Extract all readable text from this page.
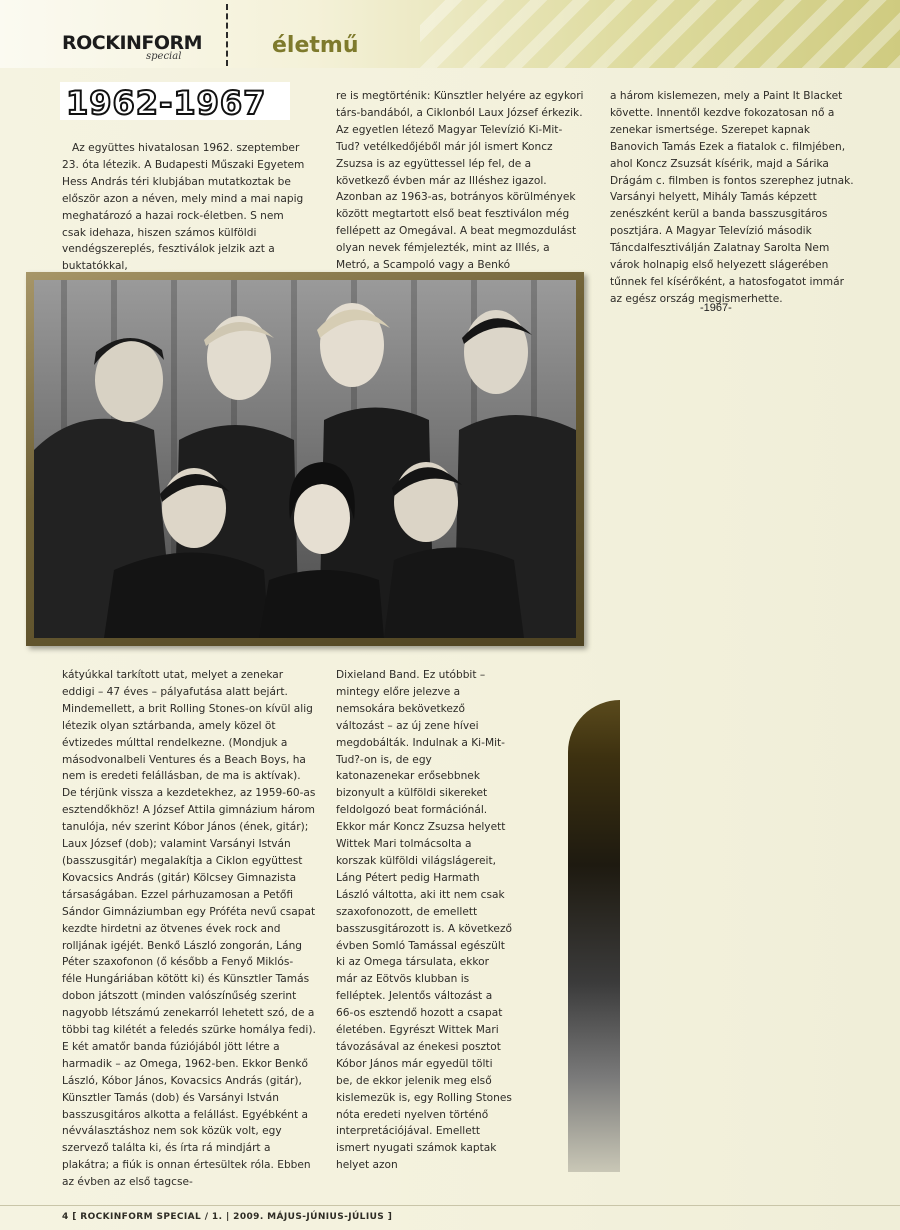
ROCKINFORM
special	életmű
1962-1967

Az együttes hivatalosan 1962. szeptember 23. óta létezik. A Budapesti Műszaki Egyetem Hess András téri klubjában mutatkoztak be először azon a néven, mely mind a mai napig meghatározó a hazai rock-életben. S nem csak idehaza, hiszen számos külföldi vendégszereplés, fesztiválok jelzik azt a buktatókkal,

re is megtörténik: Künsztler helyére az egykori társ-bandából, a Ciklonból Laux József érkezik. Az egyetlen létező Magyar Televízió Ki-Mit-Tud? vetélkedőjéből már jól ismert Koncz Zsuzsa is az együttessel lép fel, de a következő évben már az Illéshez igazol. Azonban az 1963-as, botrányos körülmények között megtartott első beat fesztiválon még fellépett az Omegával. A beat megmozdulást olyan nevek fémjelezték, mint az Illés, a Metró, a Scampoló vagy a Benkó

a három kislemezen, mely a Paint It Blacket követte. Innentől kezdve fokozatosan nő a zenekar ismertsége. Szerepet kapnak Banovich Tamás Ezek a fiatalok c. filmjében, ahol Koncz Zsuzsát kísérik, majd a Sárika Drágám c. filmben is fontos szerephez jutnak. Varsányi helyett, Mihály Tamás képzett zenészként kerül a banda basszusgitáros posztjára. A Magyar Televízió második Táncdalfesztiválján Zalatnay Sarolta Nem várok holnapig első helyezett slágerében tűnnek fel kísérőként, a hatosfogatot immár az egész ország megismerhette.

-1967-

kátyúkkal tarkított utat, melyet a zenekar eddigi – 47 éves – pályafutása alatt bejárt. Mindemellett, a brit Rolling Stones-on kívül alig létezik olyan sztárbanda, amely közel öt évtizedes múlttal rendelkezne. (Mondjuk a másodvonalbeli Ventures és a Beach Boys, ha nem is eredeti felállásban, de ma is aktívak). De térjünk vissza a kezdetekhez, az 1959-60-as esztendőkhöz! A József Attila gimnázium három tanulója, név szerint Kóbor János (ének, gitár); Laux József (dob); valamint Varsányi István (basszusgitár) megalakítja a Ciklon együttest Kovacsics András (gitár) Kölcsey Gimnazista társaságában. Ezzel párhuzamosan a Petőfi Sándor Gimnáziumban egy Próféta nevű csapat kezdte hirdetni az ötvenes évek rock and rolljának igéjét. Benkő László zongorán, Láng Péter szaxofonon (ő később a Fenyő Miklós- féle Hungáriában kötött ki) és Künsztler Tamás dobon játszott (minden valószínűség szerint nagyobb létszámú zenekarról lehetett szó, de a többi tag kilétét a feledés szürke homálya fedi). E két amatőr banda fúziójából jött létre a harmadik – az Omega, 1962-ben. Ekkor Benkő László, Kóbor János, Kovacsics András (gitár), Künsztler Tamás (dob) és Varsányi István basszusgitáros alkotta a felállást. Egyébként a névválasztáshoz nem sok közük volt, egy szervező találta ki, és írta rá mindjárt a plakátra; a fiúk is onnan értesültek róla. Ebben az évben az első tagcse-

Dixieland Band. Ez utóbbit – mintegy előre jelezve a nemsokára bekövetkező változást – az új zene hívei megdobálták. Indulnak a Ki-Mit-Tud?-on is, de egy katonazenekar erősebbnek bizonyult a külföldi sikereket feldolgozó beat formációnál. Ekkor már Koncz Zsuzsa helyett Wittek Mari tolmácsolta a korszak külföldi világslágereit, Láng Pétert pedig Harmath László váltotta, aki itt nem csak szaxofonozott, de emellett basszusgitározott is. A következő évben Somló Tamással egészült ki az Omega társulata, ekkor már az Eötvös klubban is felléptek. Jelentős változást a 66-os esztendő hozott a csapat életében. Egyrészt Wittek Mari távozásával az énekesi posztot Kóbor János már egyedül tölti be, de ekkor jelenik meg első kislemezük is, egy Rolling Stones nóta eredeti nyelven történő interpretációjával. Emellett ismert nyugati számok kaptak helyet azon

4 [ ROCKINFORM SPECIAL / 1. | 2009. MÁJUS-JÚNIUS-JÚLIUS ]
